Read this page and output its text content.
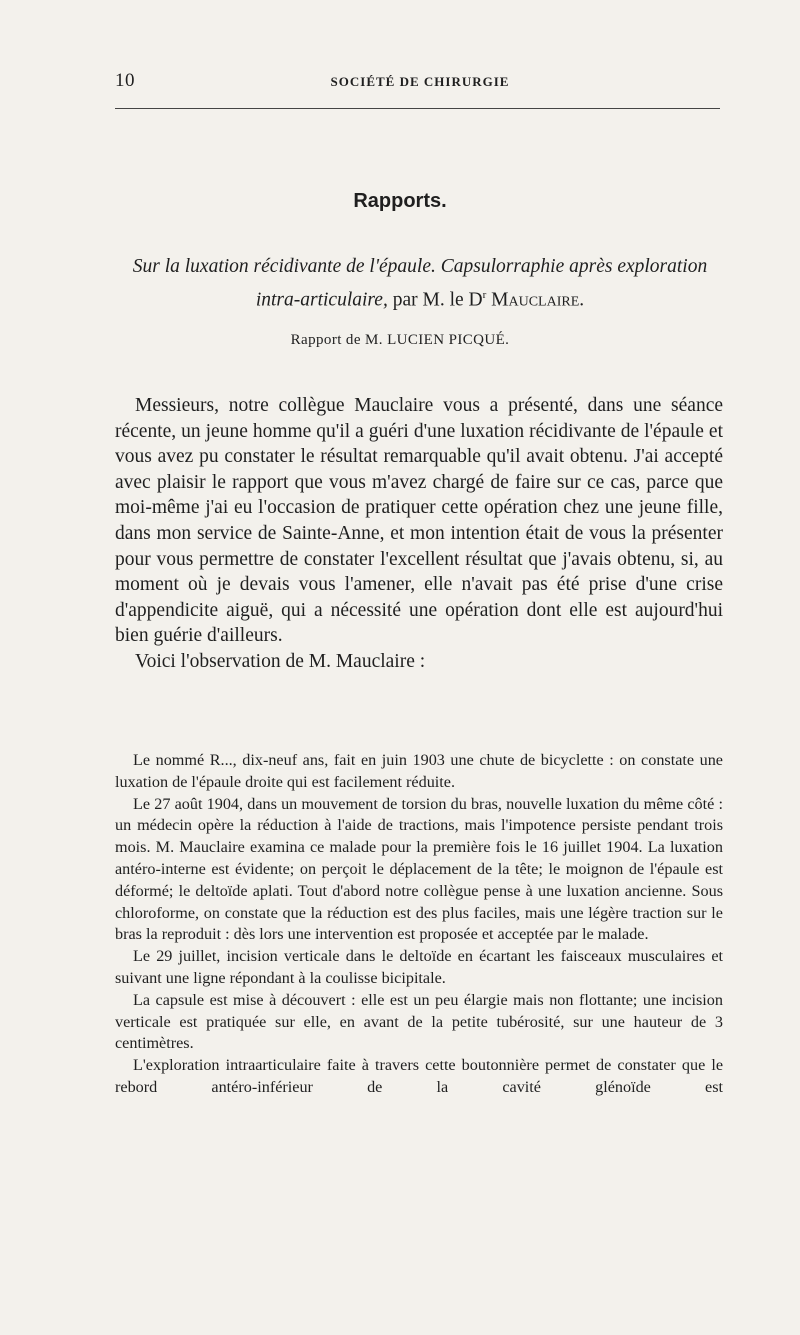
10	SOCIÉTÉ DE CHIRURGIE
Rapports.
Sur la luxation récidivante de l'épaule. Capsulorraphie après exploration intra-articulaire, par M. le $D^r$ Mauclaire.
Rapport de M. LUCIEN PICQUÉ.

Messieurs, notre collègue Mauclaire vous a présenté, dans une séance récente, un jeune homme qu'il a guéri d'une luxation récidivante de l'épaule et vous avez pu constater le résultat remarquable qu'il avait obtenu. J'ai accepté avec plaisir le rapport que vous m'avez chargé de faire sur ce cas, parce que moi-même j'ai eu l'occasion de pratiquer cette opération chez une jeune fille, dans mon service de Sainte-Anne, et mon intention était de vous la présenter pour vous permettre de constater l'excellent résultat que j'avais obtenu, si, au moment où je devais vous l'amener, elle n'avait pas été prise d'une crise d'appendicite aiguë, qui a nécessité une opération dont elle est aujourd'hui bien guérie d'ailleurs.

Voici l'observation de M. Mauclaire :

Le nommé R..., dix-neuf ans, fait en juin 1903 une chute de bicyclette : on constate une luxation de l'épaule droite qui est facilement réduite.

Le 27 août 1904, dans un mouvement de torsion du bras, nouvelle luxation du même côté : un médecin opère la réduction à l'aide de tractions, mais l'impotence persiste pendant trois mois. M. Mauclaire examina ce malade pour la première fois le 16 juillet 1904. La luxation antéro-interne est évidente; on perçoit le déplacement de la tête; le moignon de l'épaule est déformé; le deltoïde aplati. Tout d'abord notre collègue pense à une luxation ancienne. Sous chloroforme, on constate que la réduction est des plus faciles, mais une légère traction sur le bras la reproduit : dès lors une intervention est proposée et acceptée par le malade.

Le 29 juillet, incision verticale dans le deltoïde en écartant les faisceaux musculaires et suivant une ligne répondant à la coulisse bicipitale.

La capsule est mise à découvert : elle est un peu élargie mais non flottante; une incision verticale est pratiquée sur elle, en avant de la petite tubérosité, sur une hauteur de 3 centimètres.

L'exploration intraarticulaire faite à travers cette boutonnière permet de constater que le rebord antéro-inférieur de la cavité glénoïde est
